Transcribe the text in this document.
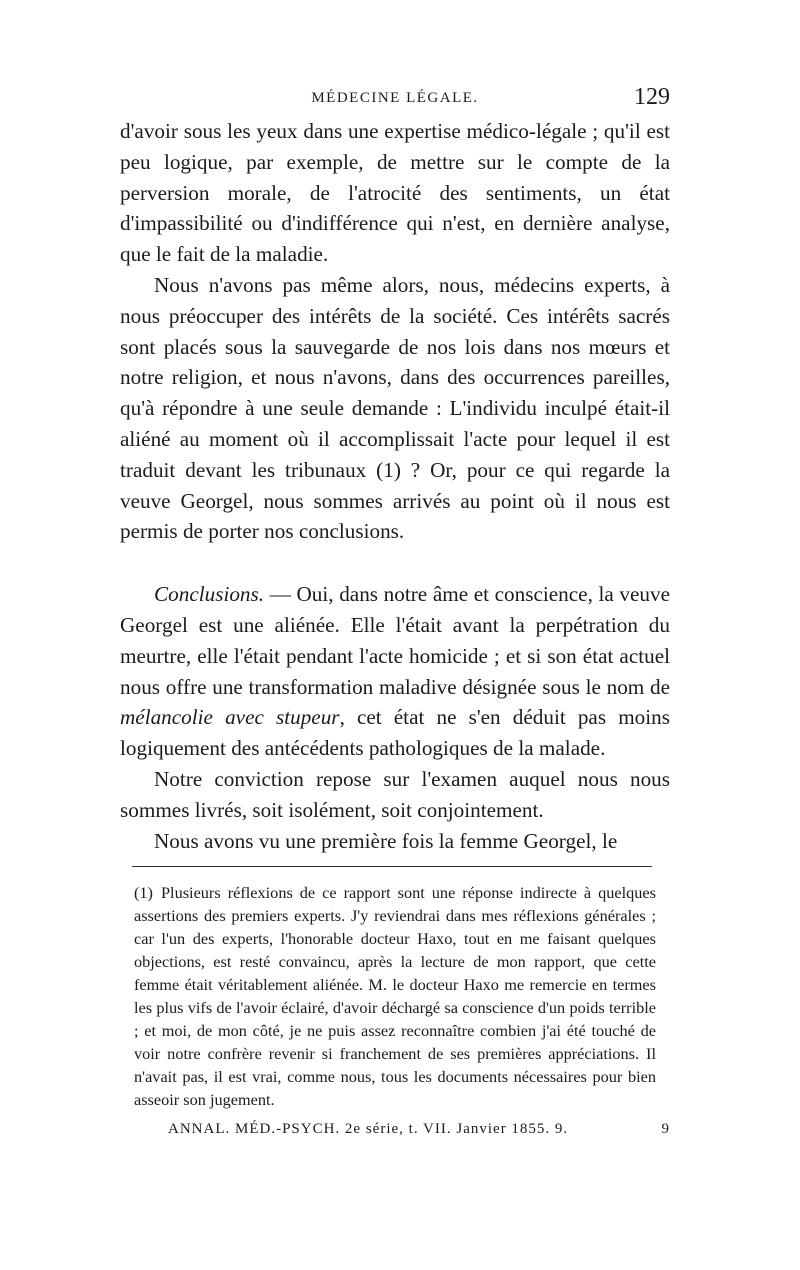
MÉDECINE LÉGALE.	129

d'avoir sous les yeux dans une expertise médico-légale ; qu'il est peu logique, par exemple, de mettre sur le compte de la perversion morale, de l'atrocité des sentiments, un état d'impassibilité ou d'indifférence qui n'est, en dernière analyse, que le fait de la maladie.

Nous n'avons pas même alors, nous, médecins experts, à nous préoccuper des intérêts de la société. Ces intérêts sacrés sont placés sous la sauvegarde de nos lois dans nos mœurs et notre religion, et nous n'avons, dans des occurrences pareilles, qu'à répondre à une seule demande : L'individu inculpé était-il aliéné au moment où il accomplissait l'acte pour lequel il est traduit devant les tribunaux (1) ? Or, pour ce qui regarde la veuve Georgel, nous sommes arrivés au point où il nous est permis de porter nos conclusions.

Conclusions. — Oui, dans notre âme et conscience, la veuve Georgel est une aliénée. Elle l'était avant la perpétration du meurtre, elle l'était pendant l'acte homicide ; et si son état actuel nous offre une transformation maladive désignée sous le nom de mélancolie avec stupeur, cet état ne s'en déduit pas moins logiquement des antécédents pathologiques de la malade.

Notre conviction repose sur l'examen auquel nous nous sommes livrés, soit isolément, soit conjointement.

Nous avons vu une première fois la femme Georgel, le

(1) Plusieurs réflexions de ce rapport sont une réponse indirecte à quelques assertions des premiers experts. J'y reviendrai dans mes réflexions générales ; car l'un des experts, l'honorable docteur Haxo, tout en me faisant quelques objections, est resté convaincu, après la lecture de mon rapport, que cette femme était véritablement aliénée. M. le docteur Haxo me remercie en termes les plus vifs de l'avoir éclairé, d'avoir déchargé sa conscience d'un poids terrible ; et moi, de mon côté, je ne puis assez reconnaître combien j'ai été touché de voir notre confrère revenir si franchement de ses premières appréciations. Il n'avait pas, il est vrai, comme nous, tous les documents nécessaires pour bien asseoir son jugement.

ANNAL. MÉD.-PSYCH. 2e série, t. VII. Janvier 1855. 9.	9
